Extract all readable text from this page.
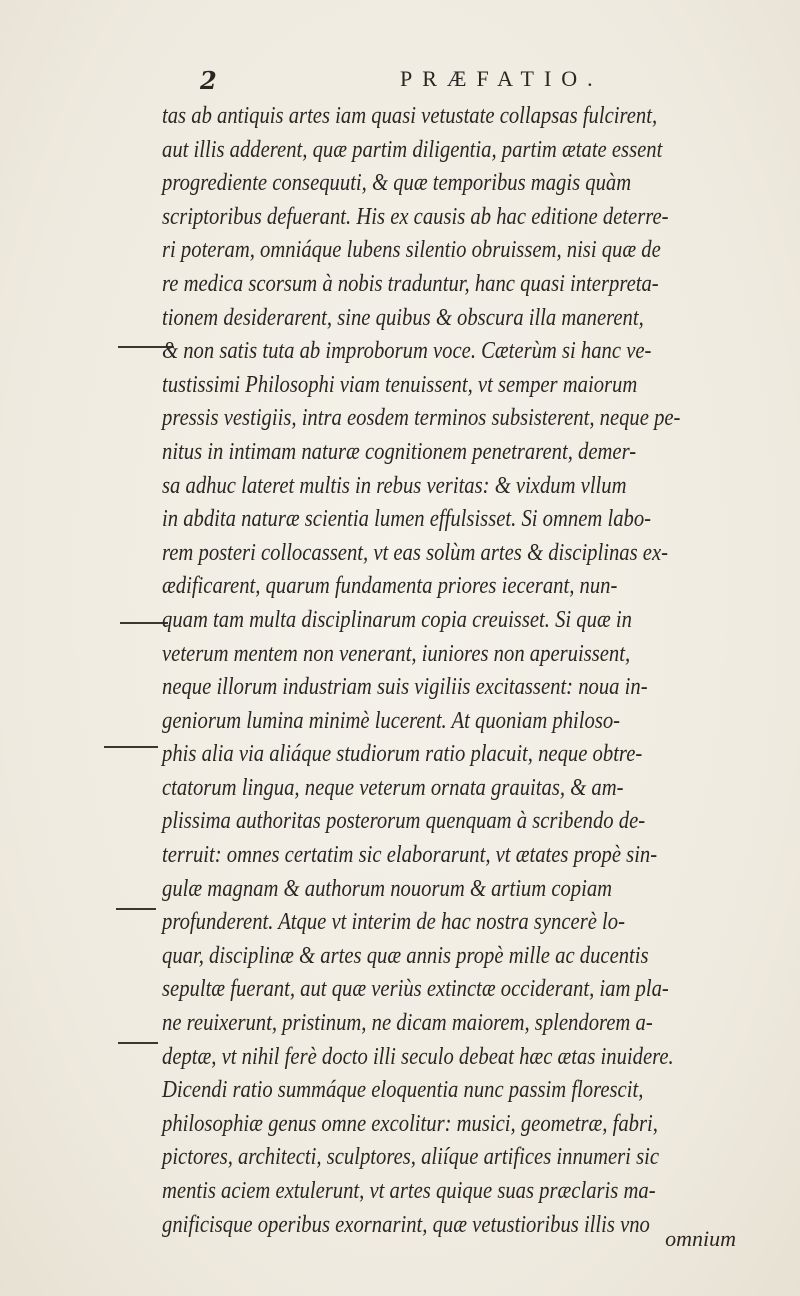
2	PRÆFATIO.
tas ab antiquis artes iam quasi vetustate collapsas fulcirent,
aut illis adderent, quæ partim diligentia, partim ætate essent
progrediente consequuti, & quæ temporibus magis quàm
scriptoribus defuerant. His ex causis ab hac editione deterre-
ri poteram, omniáque lubens silentio obruissem, nisi quæ de
re medica scorsum à nobis traduntur, hanc quasi interpreta-
tionem desiderarent, sine quibus & obscura illa manerent,
& non satis tuta ab improborum voce. Cæterùm si hanc ve-
tustissimi Philosophi viam tenuissent, vt semper maiorum
pressis vestigiis, intra eosdem terminos subsisterent, neque pe-
nitus in intimam naturæ cognitionem penetrarent, demer-
sa adhuc lateret multis in rebus veritas: & vixdum vllum
in abdita naturæ scientia lumen effulsisset. Si omnem labo-
rem posteri collocassent, vt eas solùm artes & disciplinas ex-
ædificarent, quarum fundamenta priores iecerant, nun-
quam tam multa disciplinarum copia creuisset. Si quæ in
veterum mentem non venerant, iuniores non aperuissent,
neque illorum industriam suis vigiliis excitassent: noua in-
geniorum lumina minimè lucerent. At quoniam philoso-
phis alia via aliáque studiorum ratio placuit, neque obtre-
ctatorum lingua, neque veterum ornata grauitas, & am-
plissima authoritas posterorum quenquam à scribendo de-
terruit: omnes certatim sic elaborarunt, vt ætates propè sin-
gulæ magnam & authorum nouorum & artium copiam
profunderent. Atque vt interim de hac nostra syncerè lo-
quar, disciplinæ & artes quæ annis propè mille ac ducentis
sepultæ fuerant, aut quæ veriùs extinctæ occiderant, iam pla-
ne reuixerunt, pristinum, ne dicam maiorem, splendorem a-
deptæ, vt nihil ferè docto illi seculo debeat hæc ætas inuidere.
Dicendi ratio summáque eloquentia nunc passim florescit,
philosophiæ genus omne excolitur: musici, geometræ, fabri,
pictores, architecti, sculptores, aliíque artifices innumeri sic
mentis aciem extulerunt, vt artes quique suas præclaris ma-
gnificisque operibus exornarint, quæ vetustioribus illis vno
omnium
